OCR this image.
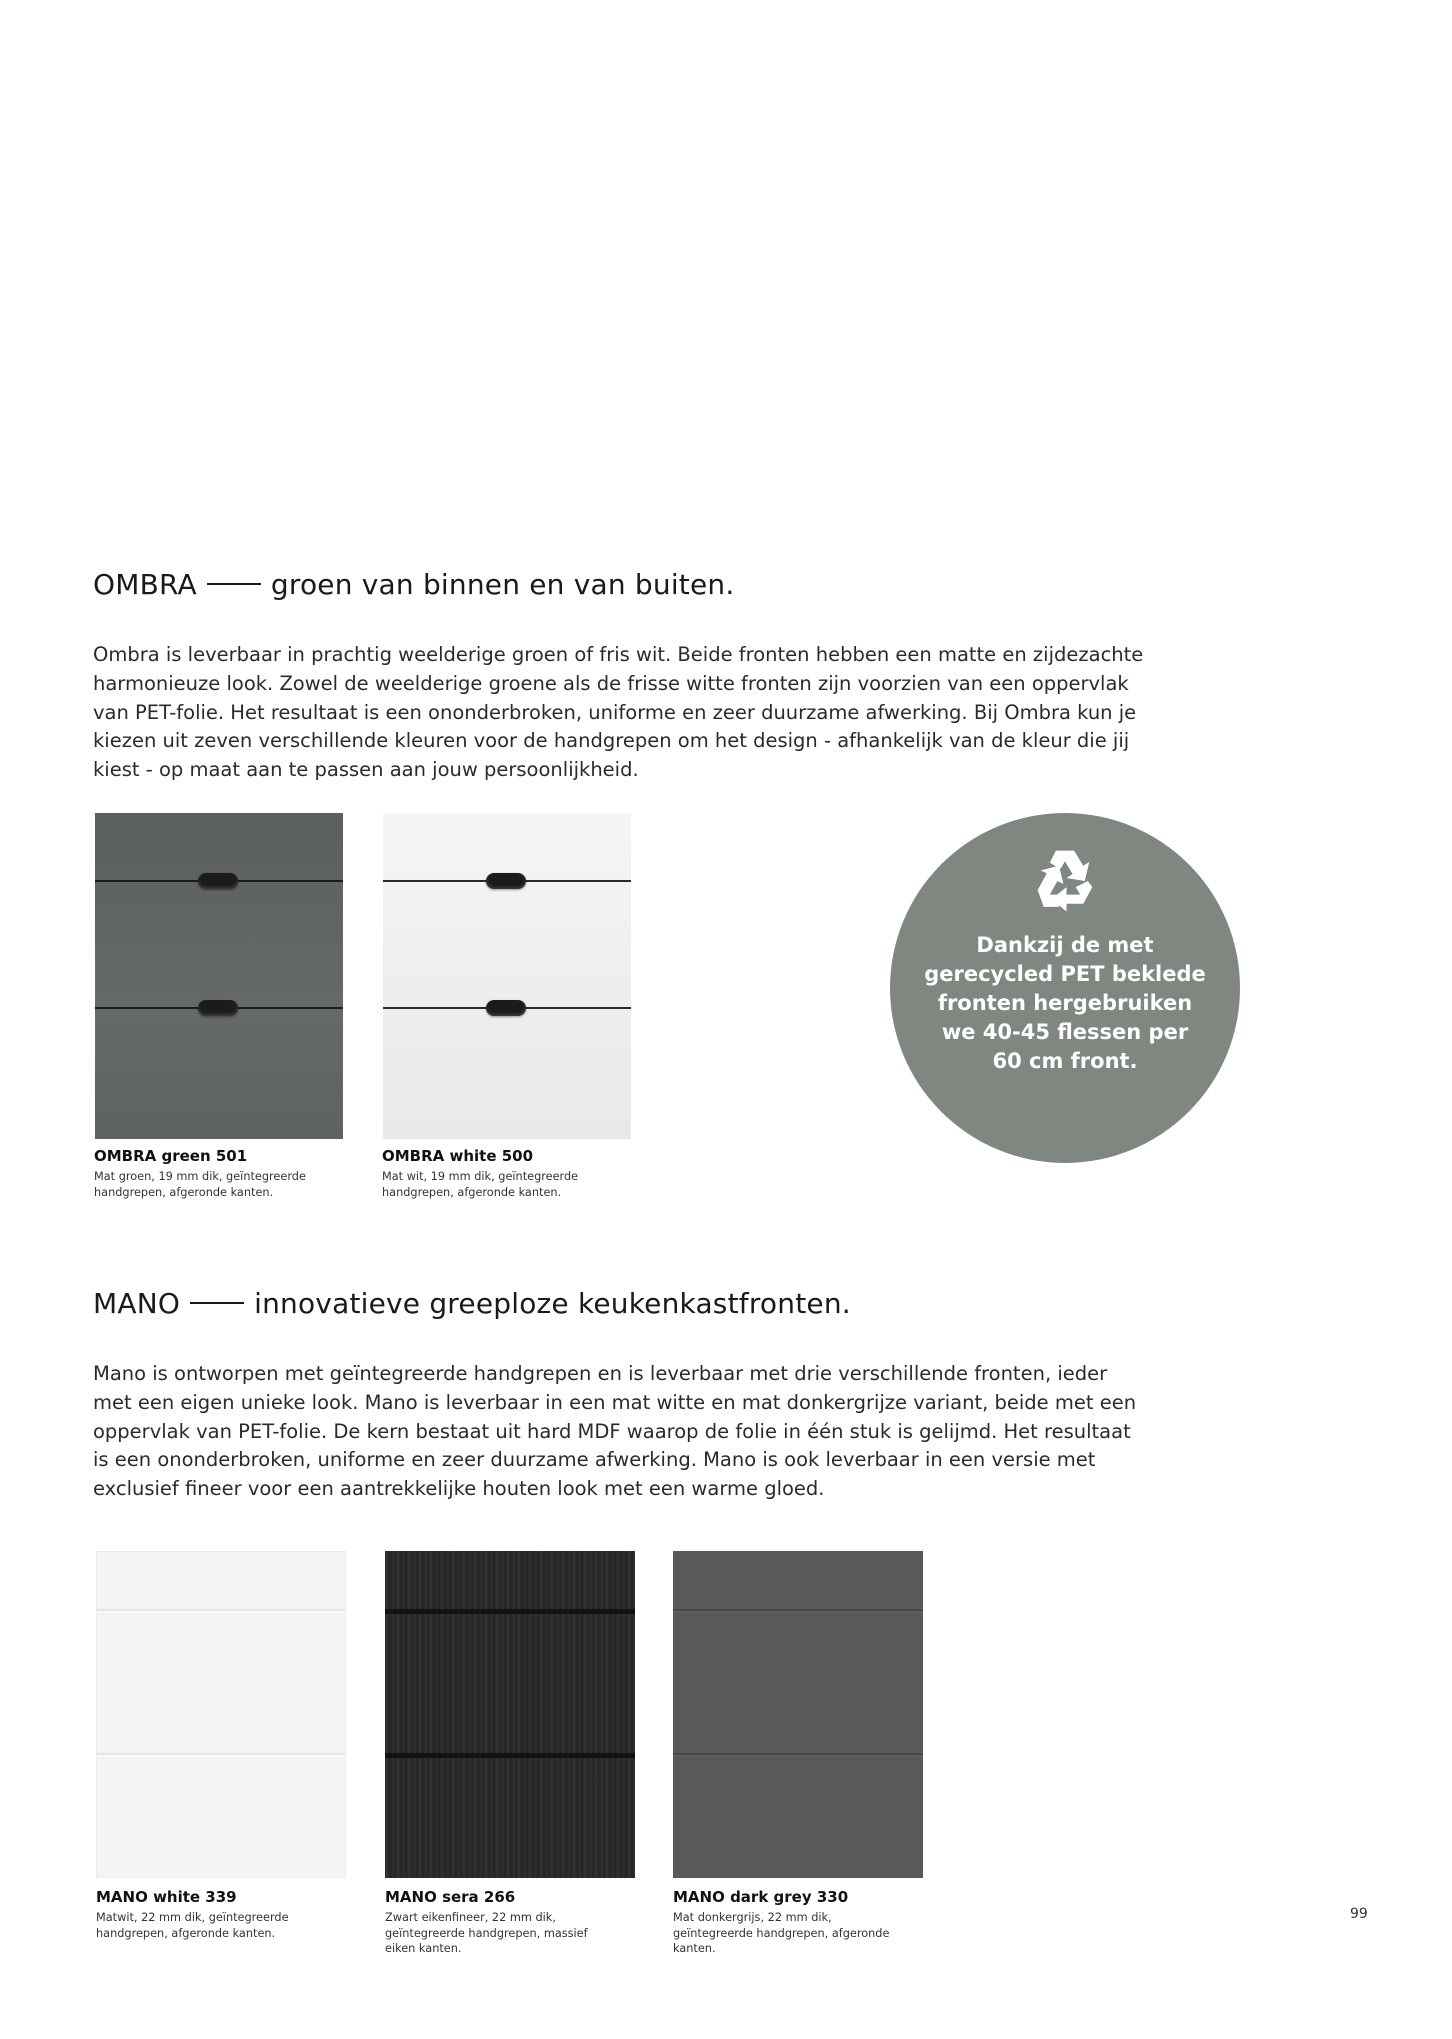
OMBRA	groen van binnen en van buiten.
Ombra is leverbaar in prachtig weelderige groen of fris wit. Beide fronten hebben een matte en zijdezachte
harmonieuze look. Zowel de weelderige groene als de frisse witte fronten zijn voorzien van een oppervlak
van PET-folie. Het resultaat is een ononderbroken, uniforme en zeer duurzame afwerking. Bij Ombra kun je
kiezen uit zeven verschillende kleuren voor de handgrepen om het design - afhankelijk van de kleur die jij
kiest - op maat aan te passen aan jouw persoonlijkheid.
OMBRA green 501
Mat groen, 19 mm dik, geïntegreerde
handgrepen, afgeronde kanten.
OMBRA white 500
Mat wit, 19 mm dik, geïntegreerde
handgrepen, afgeronde kanten.
Dankzij de met
gerecycled PET beklede
fronten hergebruiken
we 40-45 flessen per
60 cm front.
MANO	innovatieve greeploze keukenkastfronten.
Mano is ontworpen met geïntegreerde handgrepen en is leverbaar met drie verschillende fronten, ieder
met een eigen unieke look. Mano is leverbaar in een mat witte en mat donkergrijze variant, beide met een
oppervlak van PET-folie. De kern bestaat uit hard MDF waarop de folie in één stuk is gelijmd. Het resultaat
is een ononderbroken, uniforme en zeer duurzame afwerking. Mano is ook leverbaar in een versie met
exclusief fineer voor een aantrekkelijke houten look met een warme gloed.
MANO white 339
Matwit, 22 mm dik, geïntegreerde
handgrepen, afgeronde kanten.
MANO sera 266
Zwart eikenfineer, 22 mm dik,
geïntegreerde handgrepen, massief
eiken kanten.
MANO dark grey 330
Mat donkergrijs, 22 mm dik,
geïntegreerde handgrepen, afgeronde
kanten.
99
